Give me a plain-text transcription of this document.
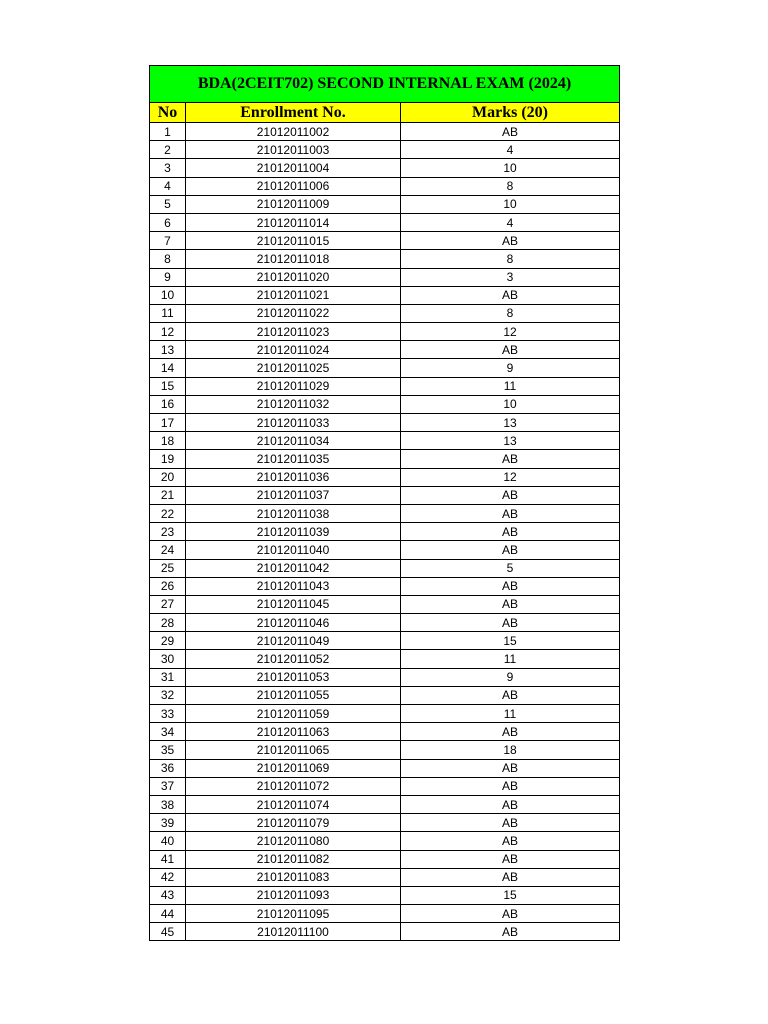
BDA(2CEIT702) SECOND INTERNAL EXAM (2024)		
No	Enrollment No.	Marks (20)
1	21012011002	AB
2	21012011003	4
3	21012011004	10
4	21012011006	8
5	21012011009	10
6	21012011014	4
7	21012011015	AB
8	21012011018	8
9	21012011020	3
10	21012011021	AB
11	21012011022	8
12	21012011023	12
13	21012011024	AB
14	21012011025	9
15	21012011029	11
16	21012011032	10
17	21012011033	13
18	21012011034	13
19	21012011035	AB
20	21012011036	12
21	21012011037	AB
22	21012011038	AB
23	21012011039	AB
24	21012011040	AB
25	21012011042	5
26	21012011043	AB
27	21012011045	AB
28	21012011046	AB
29	21012011049	15
30	21012011052	11
31	21012011053	9
32	21012011055	AB
33	21012011059	11
34	21012011063	AB
35	21012011065	18
36	21012011069	AB
37	21012011072	AB
38	21012011074	AB
39	21012011079	AB
40	21012011080	AB
41	21012011082	AB
42	21012011083	AB
43	21012011093	15
44	21012011095	AB
45	21012011100	AB
